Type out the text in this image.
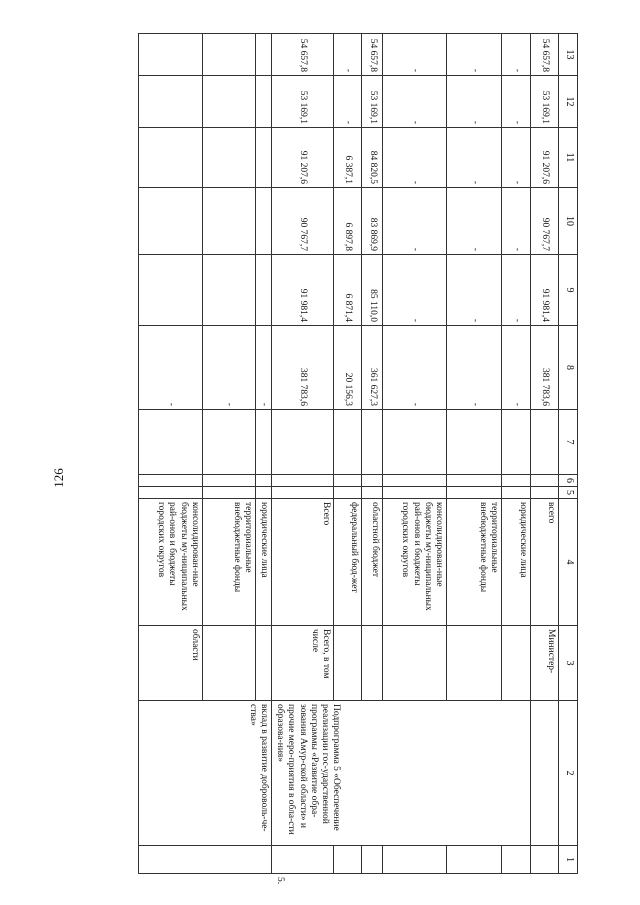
126
13	12	11	10	9	8	7	6	5	4	3	2	1	
54 657,8	53 169,1	91 207,6	90 767,7	91 981,4	381 783,6				всего	Министер-			
-	-	-	-	-	-				юридические лица		Подпрограмма 5 «Обеспечение реализации гос-ударственной программы «Развитие обра-зования Амур-ской области» и прочие меро-приятия в обла-сти образова-ния»		
-	-	-	-	-	-				территориальные внебюджетные фонды				
-	-	-	-	-	-				консолидирован-ные бюджеты му-ниципальных рай-онов и бюджеты городских округов				
54 657,8	53 169,1	84 820,5	83 869,9	85 110,0	361 627,3				областной бюджет				
-	-	6 387,1	6 897,8	6 871,4	20 156,3				федеральный бюд-жет				
54 657,8	53 169,1	91 207,6	90 767,7	91 981,4	381 783,6				Всего	Всего, в том числе			5.
					-				юридические лица		вклад в развитие доброволь-че-ства»		
					-				территориальные внебюджетные фонды				
					-				консолидирован-ные бюджеты му-ниципальных рай-онов и бюджеты городских округов	области			
